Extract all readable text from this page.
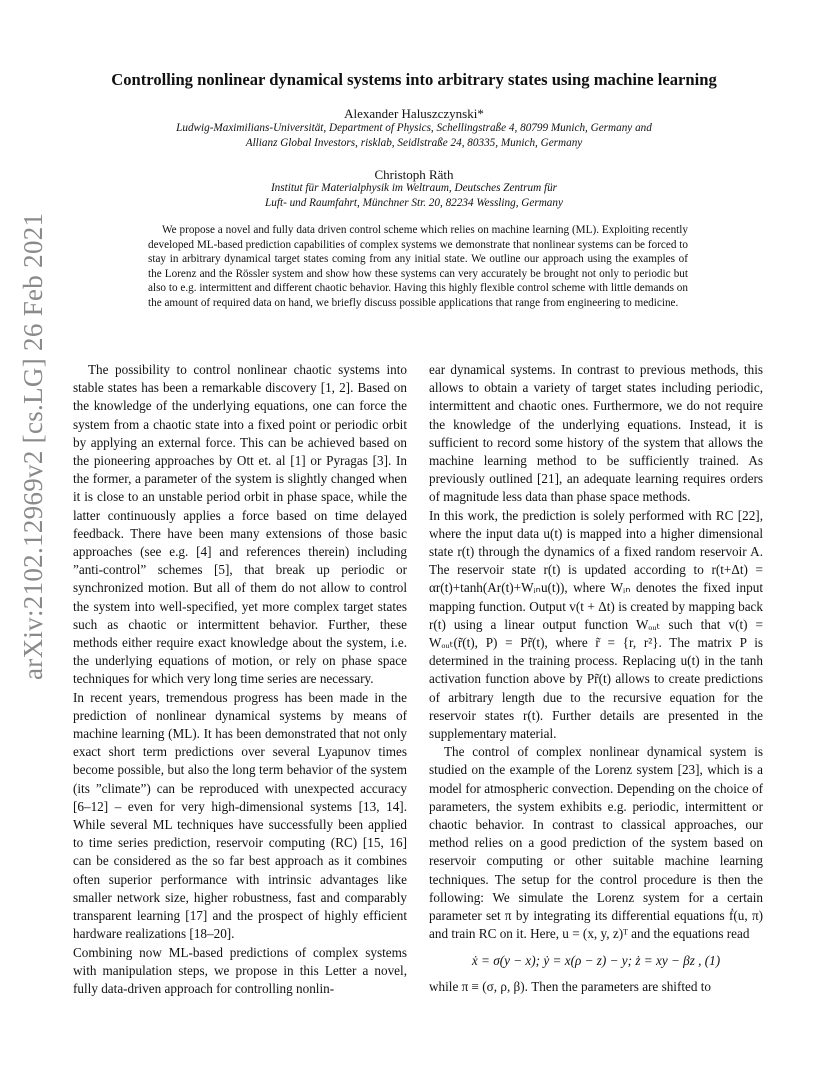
arXiv:2102.12969v2 [cs.LG] 26 Feb 2021
Controlling nonlinear dynamical systems into arbitrary states using machine learning
Alexander Haluszczynski*
Ludwig-Maximilians-Universität, Department of Physics, Schellingstraße 4, 80799 Munich, Germany and
Allianz Global Investors, risklab, Seidlstraße 24, 80335, Munich, Germany
Christoph Räth
Institut für Materialphysik im Weltraum, Deutsches Zentrum für
Luft- und Raumfahrt, Münchner Str. 20, 82234 Wessling, Germany

We propose a novel and fully data driven control scheme which relies on machine learning (ML). Exploiting recently developed ML-based prediction capabilities of complex systems we demonstrate that nonlinear systems can be forced to stay in arbitrary dynamical target states coming from any initial state. We outline our approach using the examples of the Lorenz and the Rössler system and show how these systems can very accurately be brought not only to periodic but also to e.g. intermittent and different chaotic behavior. Having this highly flexible control scheme with little demands on the amount of required data on hand, we briefly discuss possible applications that range from engineering to medicine.

The possibility to control nonlinear chaotic systems into stable states has been a remarkable discovery [1, 2]. Based on the knowledge of the underlying equations, one can force the system from a chaotic state into a fixed point or periodic orbit by applying an external force. This can be achieved based on the pioneering approaches by Ott et. al [1] or Pyragas [3]. In the former, a parameter of the system is slightly changed when it is close to an unstable period orbit in phase space, while the latter continuously applies a force based on time delayed feedback. There have been many extensions of those basic approaches (see e.g. [4] and references therein) including ”anti-control” schemes [5], that break up periodic or synchronized motion. But all of them do not allow to control the system into well-specified, yet more complex target states such as chaotic or intermittent behavior. Further, these methods either require exact knowledge about the system, i.e. the underlying equations of motion, or rely on phase space techniques for which very long time series are necessary.

In recent years, tremendous progress has been made in the prediction of nonlinear dynamical systems by means of machine learning (ML). It has been demonstrated that not only exact short term predictions over several Lyapunov times become possible, but also the long term behavior of the system (its ”climate”) can be reproduced with unexpected accuracy [6–12] – even for very high-dimensional systems [13, 14]. While several ML techniques have successfully been applied to time series prediction, reservoir computing (RC) [15, 16] can be considered as the so far best approach as it combines often superior performance with intrinsic advantages like smaller network size, higher robustness, fast and comparably transparent learning [17] and the prospect of highly efficient hardware realizations [18–20].

Combining now ML-based predictions of complex systems with manipulation steps, we propose in this Letter a novel, fully data-driven approach for controlling nonlin-

ear dynamical systems. In contrast to previous methods, this allows to obtain a variety of target states including periodic, intermittent and chaotic ones. Furthermore, we do not require the knowledge of the underlying equations. Instead, it is sufficient to record some history of the system that allows the machine learning method to be sufficiently trained. As previously outlined [21], an adequate learning requires orders of magnitude less data than phase space methods.

In this work, the prediction is solely performed with RC [22], where the input data u(t) is mapped into a higher dimensional state r(t) through the dynamics of a fixed random reservoir A. The reservoir state r(t) is updated according to r(t+Δt) = αr(t)+tanh(Ar(t)+Wᵢₙu(t)), where Wᵢₙ denotes the fixed input mapping function. Output v(t + Δt) is created by mapping back r(t) using a linear output function Wₒᵤₜ such that v(t) = Wₒᵤₜ(r̃(t), P) = Pr̃(t), where r̃ = {r, r²}. The matrix P is determined in the training process. Replacing u(t) in the tanh activation function above by Pr̃(t) allows to create predictions of arbitrary length due to the recursive equation for the reservoir states r(t). Further details are presented in the supplementary material.

The control of complex nonlinear dynamical system is studied on the example of the Lorenz system [23], which is a model for atmospheric convection. Depending on the choice of parameters, the system exhibits e.g. periodic, intermittent or chaotic behavior. In contrast to classical approaches, our method relies on a good prediction of the system based on reservoir computing or other suitable machine learning techniques. The setup for the control procedure is then the following: We simulate the Lorenz system for a certain parameter set π by integrating its differential equations ḟ(u, π) and train RC on it. Here, u = (x, y, z)ᵀ and the equations read

ẋ = σ(y − x); ẏ = x(ρ − z) − y; ż = xy − βz , (1)

while π ≡ (σ, ρ, β). Then the parameters are shifted to
